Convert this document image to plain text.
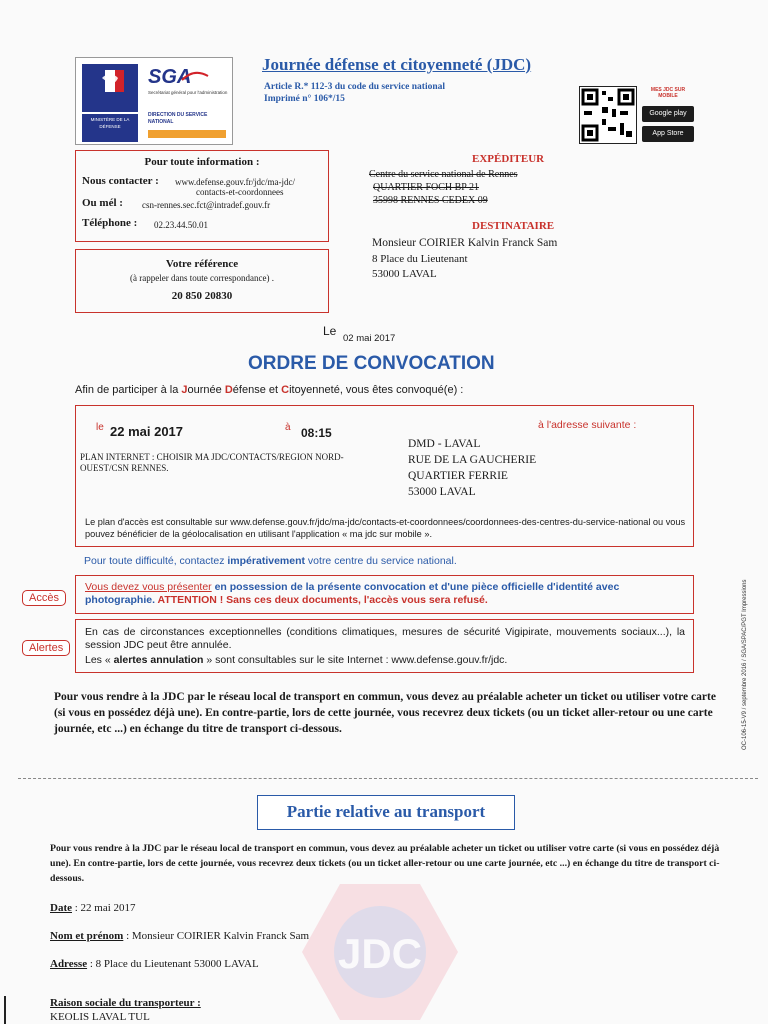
MINISTÈRE DE LA DÉFENSE
SGA
Secrétariat général pour l'administration
DIRECTION DU SERVICE NATIONAL
Journée défense et citoyenneté (JDC)
Article R.* 112-3 du code du service national
Imprimé n° 106*/15
MES JDC SUR MOBILE
Google play
App Store
Pour toute information :
Nous contacter : www.defense.gouv.fr/jdc/ma-jdc/
contacts-et-coordonnees
Ou mél : csn-rennes.sec.fct@intradef.gouv.fr
Téléphone : 02.23.44.50.01
Votre référence
(à rappeler dans toute correspondance) .
20 850 20830
EXPÉDITEUR
Centre du service national de Rennes
QUARTIER FOCH BP 21
35998 RENNES CEDEX 09
DESTINATAIRE
Monsieur COIRIER Kalvin Franck Sam
8 Place du Lieutenant
53000 LAVAL
Le
02 mai 2017
ORDRE DE CONVOCATION
Afin de participer à la Journée Défense et Citoyenneté, vous êtes convoqué(e) :
le 22 mai 2017	à 08:15
à l'adresse suivante :
PLAN INTERNET : CHOISIR MA JDC/CONTACTS/REGION NORD-OUEST/CSN RENNES.
DMD - LAVAL
RUE DE LA GAUCHERIE
QUARTIER FERRIE
53000 LAVAL
Le plan d'accès est consultable sur www.defense.gouv.fr/jdc/ma-jdc/contacts-et-coordonnees/coordonnees-des-centres-du-service-national ou vous pouvez bénéficier de la géolocalisation en utilisant l'application « ma jdc sur mobile ».
Pour toute difficulté, contactez impérativement votre centre du service national.
Accès
Vous devez vous présenter en possession de la présente convocation et d'une pièce officielle d'identité avec photographie. ATTENTION ! Sans ces deux documents, l'accès vous sera refusé.
Alertes
En cas de circonstances exceptionnelles (conditions climatiques, mesures de sécurité Vigipirate, mouvements sociaux...), la session JDC peut être annulée.
Les « alertes annulation » sont consultables sur le site Internet : www.defense.gouv.fr/jdc.
Pour vous rendre à la JDC par le réseau local de transport en commun, vous devez au préalable acheter un ticket ou utiliser votre carte (si vous en possédez déjà une). En contre-partie, lors de cette journée, vous recevrez deux tickets (ou un ticket aller-retour ou une carte journée, etc ...) en échange du titre de transport ci-dessous.	OC-106-15-V9 / septembre 2016 / SGA/SPAC/PGT Impressions
JDC
Partie relative au transport
Pour vous rendre à la JDC par le réseau local de transport en commun, vous devez au préalable acheter un ticket ou utiliser votre carte (si vous en possédez déjà une). En contre-partie, lors de cette journée, vous recevrez deux tickets (ou un ticket aller-retour ou une carte journée, etc ...) en échange du titre de transport ci-dessous.
Date : 22 mai 2017
Nom et prénom : Monsieur COIRIER Kalvin Franck Sam
Adresse : 8 Place du Lieutenant 53000 LAVAL
Raison sociale du transporteur :
KEOLIS LAVAL TUL
